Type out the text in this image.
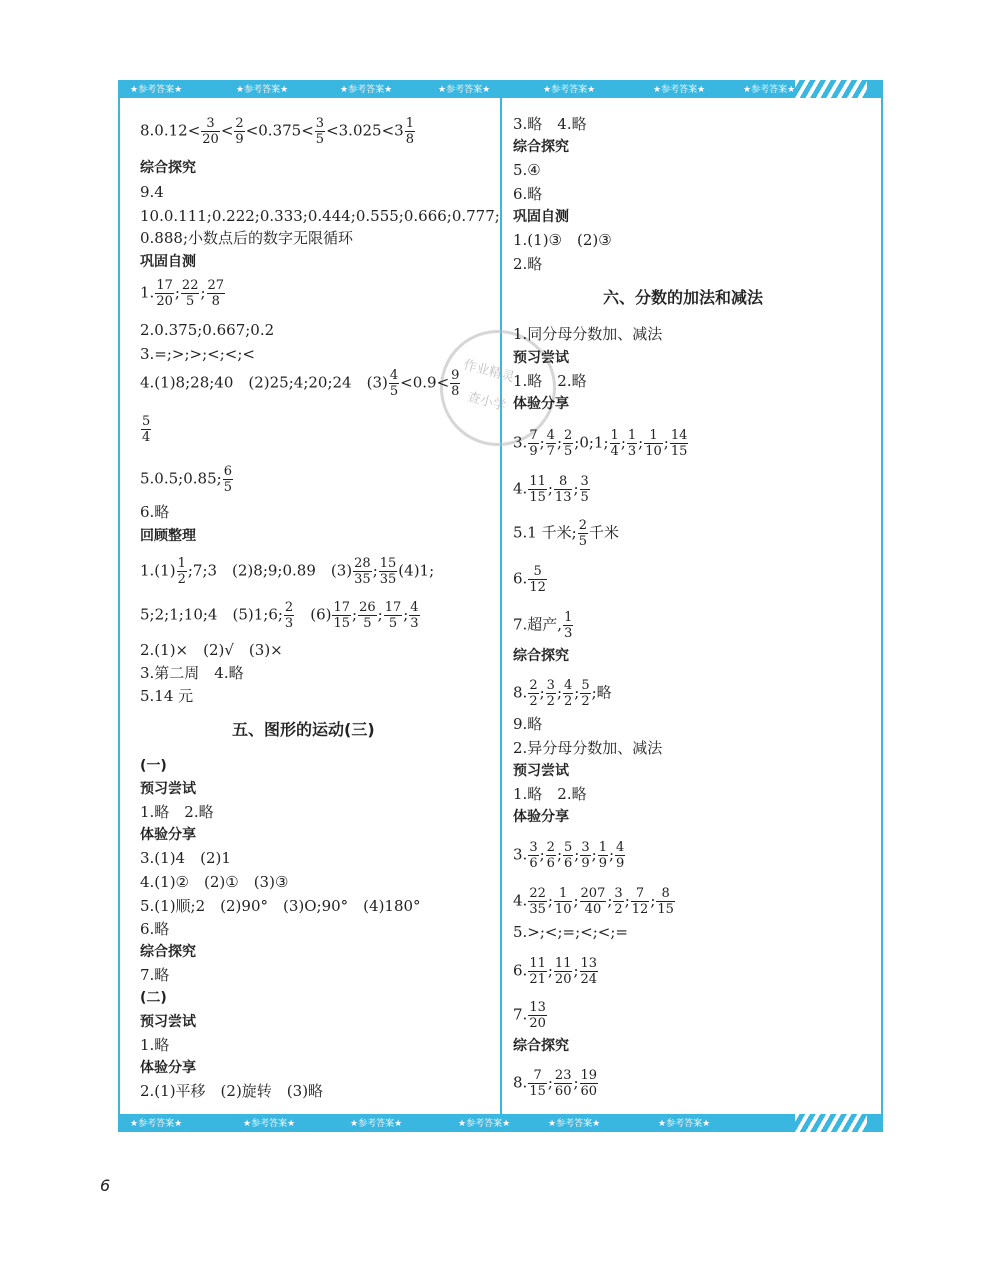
★参考答案★	★参考答案★	★参考答案★	★参考答案★	★参考答案★	★参考答案★	★参考答案★
★参考答案★	★参考答案★	★参考答案★	★参考答案★	★参考答案★	★参考答案★
作业精灵
查小学
$8.0.12< \frac{3}{20} < \frac{2}{9} <0.375< \frac{3}{5} <3.025<3 \frac{1}{8}$
综合探究
9.4
10.0.111;0.222;0.333;0.444;0.555;0.666;0.777;
0.888;小数点后的数字无限循环
巩固自测
1. $\frac{17}{20}$ ; $\frac{22}{5}$ ; $\frac{27}{8}$
2.0.375;0.667;0.2
3.=;>;>;<;<;<
4.(1)8;28;40　(2)25;4;20;24　$(3) \frac{4}{5} <0.9< \frac{9}{8}$
$\frac{5}{4}$
5.0.5;0.85; $\frac{6}{5}$
6.略
回顾整理
$1.(1) \frac{1}{2}$ ;7;3　(2)8;9;0.89　$(3) \frac{28}{35}$ ; $\frac{15}{35} (4)1$;
5;2;1;10;4　(5)1;6; $\frac{2}{3}$
　 $(6) \frac{17}{15}$ ; $\frac{26}{5}$ ; $\frac{17}{5}$ ; $\frac{4}{3}$
2.(1)×　(2)√　(3)×
3.第二周　4.略
5.14 元
五、图形的运动(三)
(一)
预习尝试
1.略　2.略
体验分享
3.(1)4　(2)1
4.(1)②　(2)①　(3)③
5.(1)顺;2　(2)90°　(3)O;90°　(4)180°
6.略
综合探究
7.略
(二)
预习尝试
1.略
体验分享
2.(1)平移　(2)旋转　(3)略
3.略　4.略
综合探究
5.④
6.略
巩固自测
1.(1)③　(2)③
2.略
六、分数的加法和减法
1.同分母分数加、减法
预习尝试
1.略　2.略
体验分享
3. $\frac{7}{9}$ ; $\frac{4}{7}$ ; $\frac{2}{5}$ ;0;1; $\frac{1}{4}$ ; $\frac{1}{3}$ ; $\frac{1}{10}$ ; $\frac{14}{15}$
4. $\frac{11}{15}$ ; $\frac{8}{13}$ ; $\frac{3}{5}$
5.1 千米; $\frac{2}{5}$ 千米
6. $\frac{5}{12}$
7.超产, $\frac{1}{3}$
综合探究
8. $\frac{2}{2}$ ; $\frac{3}{2}$ ; $\frac{4}{2}$ ; $\frac{5}{2}$ ;略
9.略
2.异分母分数加、减法
预习尝试
1.略　2.略
体验分享
3. $\frac{3}{6}$ ; $\frac{2}{6}$ ; $\frac{5}{6}$ ; $\frac{3}{9}$ ; $\frac{1}{9}$ ; $\frac{4}{9}$
4. $\frac{22}{35}$ ; $\frac{1}{10}$ ; $\frac{207}{40}$ ; $\frac{3}{2}$ ; $\frac{7}{12}$ ; $\frac{8}{15}$
5.>;<;=;<;<;=
6. $\frac{11}{21}$ ; $\frac{11}{20}$ ; $\frac{13}{24}$
7. $\frac{13}{20}$
综合探究
8. $\frac{7}{15}$ ; $\frac{23}{60}$ ; $\frac{19}{60}$
6
